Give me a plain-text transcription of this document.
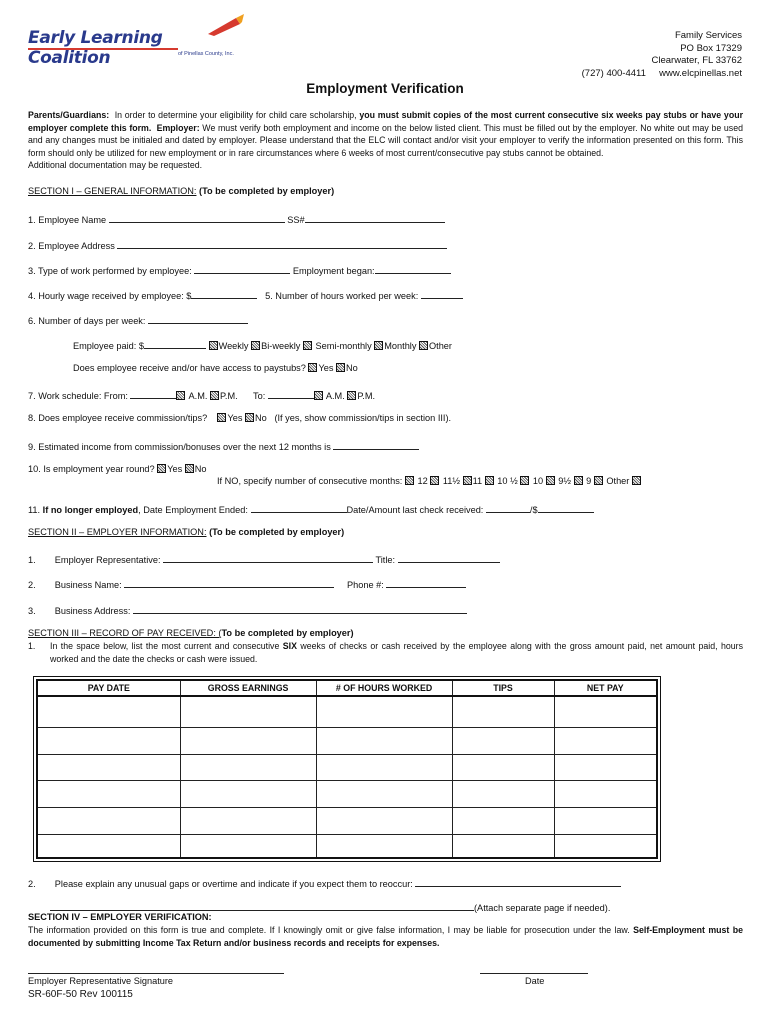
Early Learning Coalition	of Pinellas County, Inc.
Family Services
PO Box 17329
Clearwater, FL 33762
(727) 400-4411     www.elcpinellas.net
Employment Verification
Parents/Guardians: In order to determine your eligibility for child care scholarship, you must submit copies of the most current consecutive six weeks pay stubs or have your employer complete this form. Employer: We must verify both employment and income on the below listed client. This must be filled out by the employer. No white out may be used and any changes must be initialed and dated by employer. Please understand that the ELC will contact and/or visit your employer to verify the information presented on this form. This form should only be utilized for new employment or in rare circumstances where 6 weeks of most current/consecutive pay stubs cannot be obtained.
Additional documentation may be requested.
SECTION I – GENERAL INFORMATION: (To be completed by employer)
1. Employee Name	SS#
2. Employee Address
3. Type of work performed by employee:	Employment began:
4. Hourly wage received by employee: $	5. Number of hours worked per week:
6. Number of days per week:
Employee paid: $	Weekly Bi-weekly Semi-monthly Monthly Other
Does employee receive and/or have access to paystubs? Yes No
7. Work schedule: From:	A.M. P.M. To:	A.M. P.M.
8. Does employee receive commission/tips? Yes No (If yes, show commission/tips in section III).
9. Estimated income from commission/bonuses over the next 12 months is
10. Is employment year round? Yes No
If NO, specify number of consecutive months: 12 11½ 11 10 ½ 10 9½ 9 Other
11. If no longer employed, Date Employment Ended:	Date/Amount last check received:	/$
SECTION II – EMPLOYER INFORMATION: (To be completed by employer)
1. Employer Representative:	Title:
2. Business Name:	Phone #:
3. Business Address:
SECTION III – RECORD OF PAY RECEIVED: (To be completed by employer)
1. In the space below, list the most current and consecutive SIX weeks of checks or cash received by the employee along with the gross amount paid, net amount paid, hours worked and the date the checks or cash were issued.
PAY DATE	GROSS EARNINGS	# OF HOURS WORKED	TIPS	NET PAY

2. Please explain any unusual gaps or overtime and indicate if you expect them to reoccur:
(Attach separate page if needed).
SECTION IV – EMPLOYER VERIFICATION:
The information provided on this form is true and complete. If I knowingly omit or give false information, I may be liable for prosecution under the law. Self-Employment must be documented by submitting Income Tax Return and/or business records and receipts for expenses.
Employer Representative Signature	Date
SR-60F-50 Rev 100115
